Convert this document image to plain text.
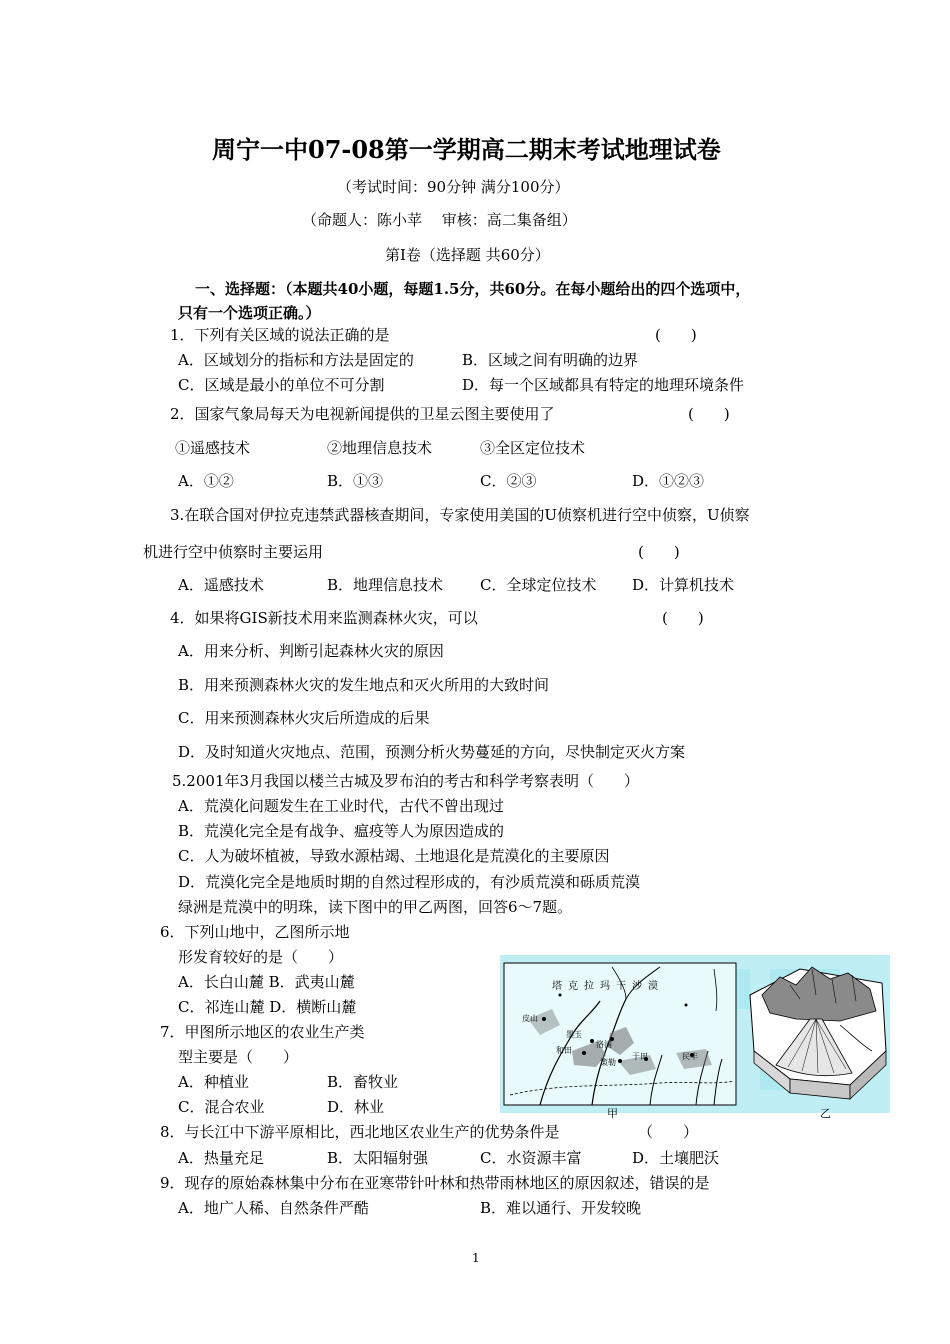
周宁一中07-08第一学期高二期末考试地理试卷
（考试时间：90分钟 满分100分）
（命题人：陈小苹　 审核：高二集备组）
第Ⅰ卷（选择题 共60分）
一、选择题：（本题共40小题，每题1.5分，共60分。在每小题给出的四个选项中，
只有一个选项正确。）
1．下列有关区域的说法正确的是	(　　)
A．区域划分的指标和方法是固定的	B．区域之间有明确的边界
C．区域是最小的单位不可分割	D．每一个区域都具有特定的地理环境条件
2．国家气象局每天为电视新闻提供的卫星云图主要使用了	(　　)
①遥感技术	②地理信息技术	③全区定位技术
A．①②	B．①③	C．②③	D．①②③
3.在联合国对伊拉克违禁武器核查期间，专家使用美国的U侦察机进行空中侦察，U侦察
机进行空中侦察时主要运用	(　　)
A．遥感技术	B．地理信息技术 C．全球定位技术 D．计算机技术
4．如果将GIS新技术用来监测森林火灾，可以	(　　)
A．用来分析、判断引起森林火灾的原因
B．用来预测森林火灾的发生地点和灭火所用的大致时间
C．用来预测森林火灾后所造成的后果
D．及时知道火灾地点、范围，预测分析火势蔓延的方向，尽快制定灭火方案
5.2001年3月我国以楼兰古城及罗布泊的考古和科学考察表明（　　）
A．荒漠化问题发生在工业时代，古代不曾出现过
B．荒漠化完全是有战争、瘟疫等人为原因造成的
C．人为破坏植被，导致水源枯竭、土地退化是荒漠化的主要原因
D．荒漠化完全是地质时期的自然过程形成的，有沙质荒漠和砾质荒漠
绿洲是荒漠中的明珠，读下图中的甲乙两图，回答6～7题。
6．下列山地中，乙图所示地
形发育较好的是（　　）
A．长白山麓 B．武夷山麓
C．祁连山麓 D．横断山麓
7．甲图所示地区的农业生产类
型主要是（　　）
A．种植业	B．畜牧业
C．混合农业	D．林业
塔克拉玛干沙漠
皮山
墨玉
洛浦
和田
策勒
于田	民丰
甲	乙
8．与长江中下游平原相比，西北地区农业生产的优势条件是	（　　）
A．热量充足	B．太阳辐射强	C．水资源丰富	D．土壤肥沃
9．现存的原始森林集中分布在亚寒带针叶林和热带雨林地区的原因叙述，错误的是
A．地广人稀、自然条件严酷	B．难以通行、开发较晚
1
